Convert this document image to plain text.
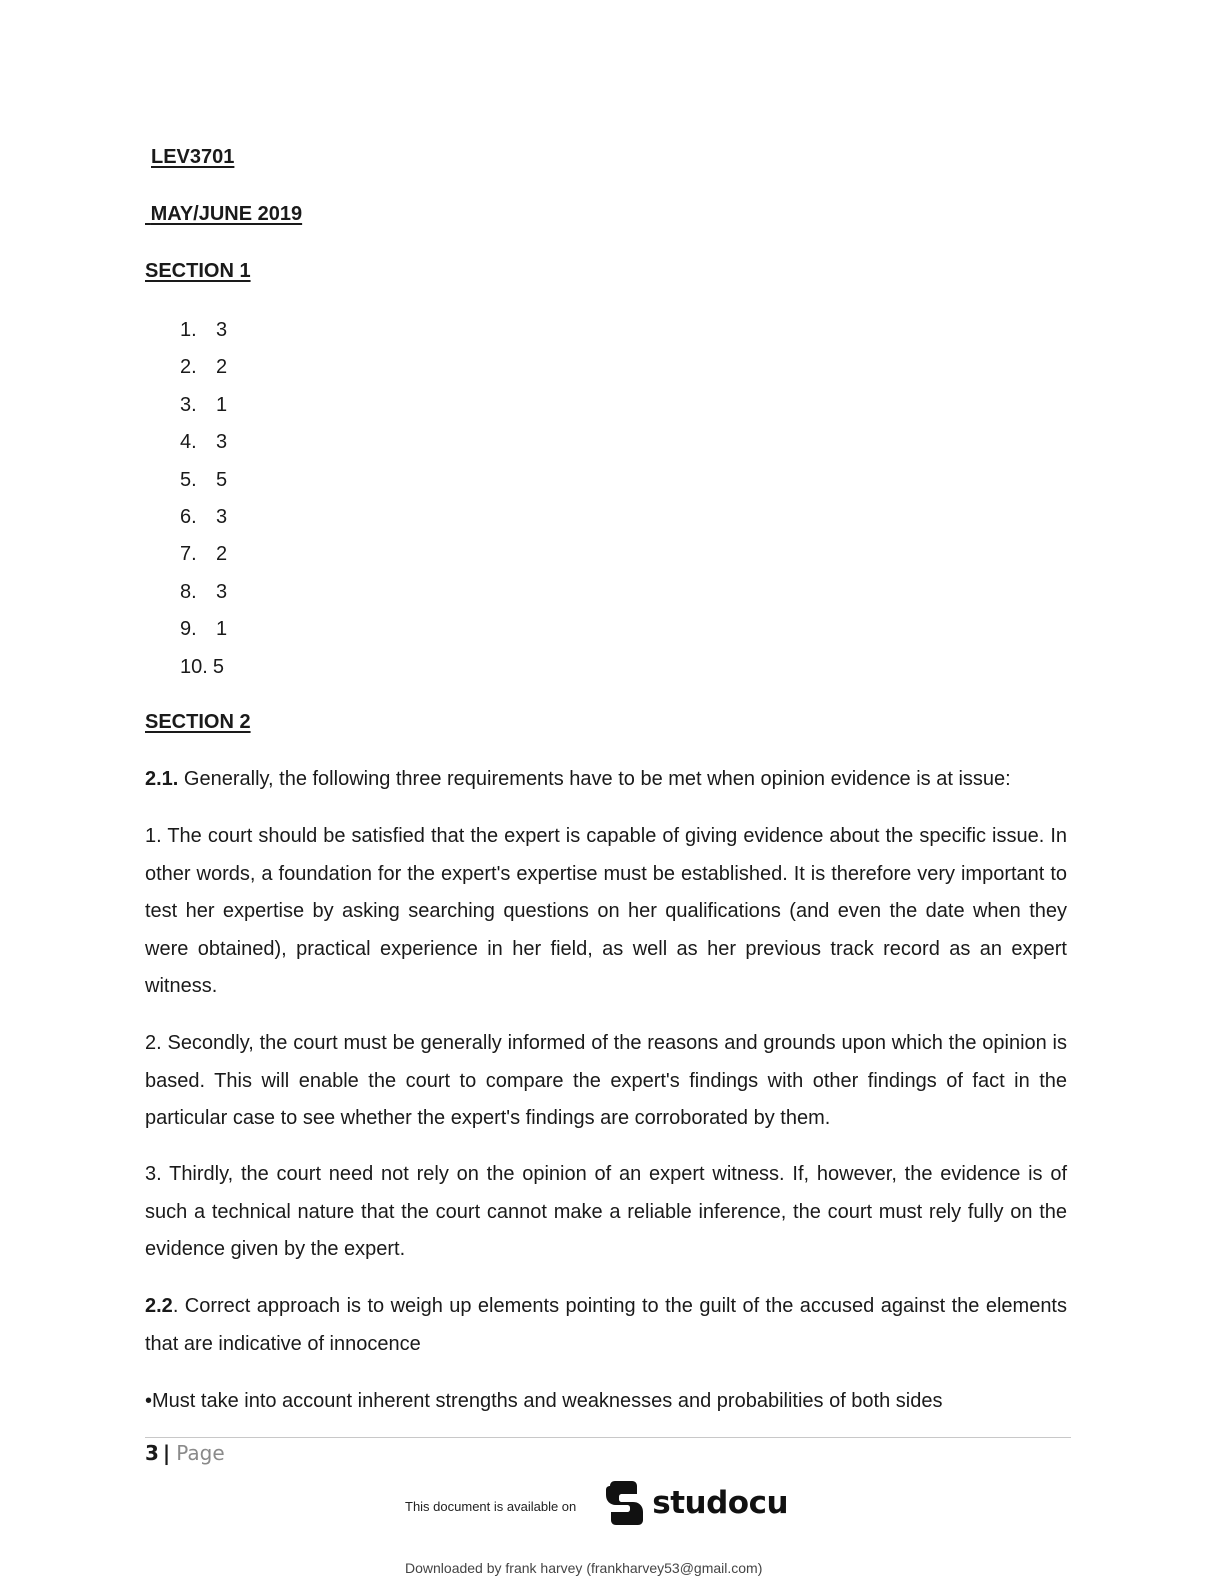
LEV3701
MAY/JUNE 2019
SECTION 1
1. 3
2. 2
3. 1
4. 3
5. 5
6. 3
7. 2
8. 3
9. 1
10. 5
SECTION 2

2.1. Generally, the following three requirements have to be met when opinion evidence is at issue:

1. The court should be satisfied that the expert is capable of giving evidence about the specific issue. In other words, a foundation for the expert's expertise must be established. It is therefore very important to test her expertise by asking searching questions on her qualifications (and even the date when they were obtained), practical experience in her field, as well as her previous track record as an expert witness.

2. Secondly, the court must be generally informed of the reasons and grounds upon which the opinion is based. This will enable the court to compare the expert's findings with other findings of fact in the particular case to see whether the expert's findings are corroborated by them.

3. Thirdly, the court need not rely on the opinion of an expert witness. If, however, the evidence is of such a technical nature that the court cannot make a reliable inference, the court must rely fully on the evidence given by the expert.

2.2. Correct approach is to weigh up elements pointing to the guilt of the accused against the elements that are indicative of innocence

•Must take into account inherent strengths and weaknesses and probabilities of both sides

3 | Page
This document is available on studocu
Downloaded by frank harvey (frankharvey53@gmail.com)
